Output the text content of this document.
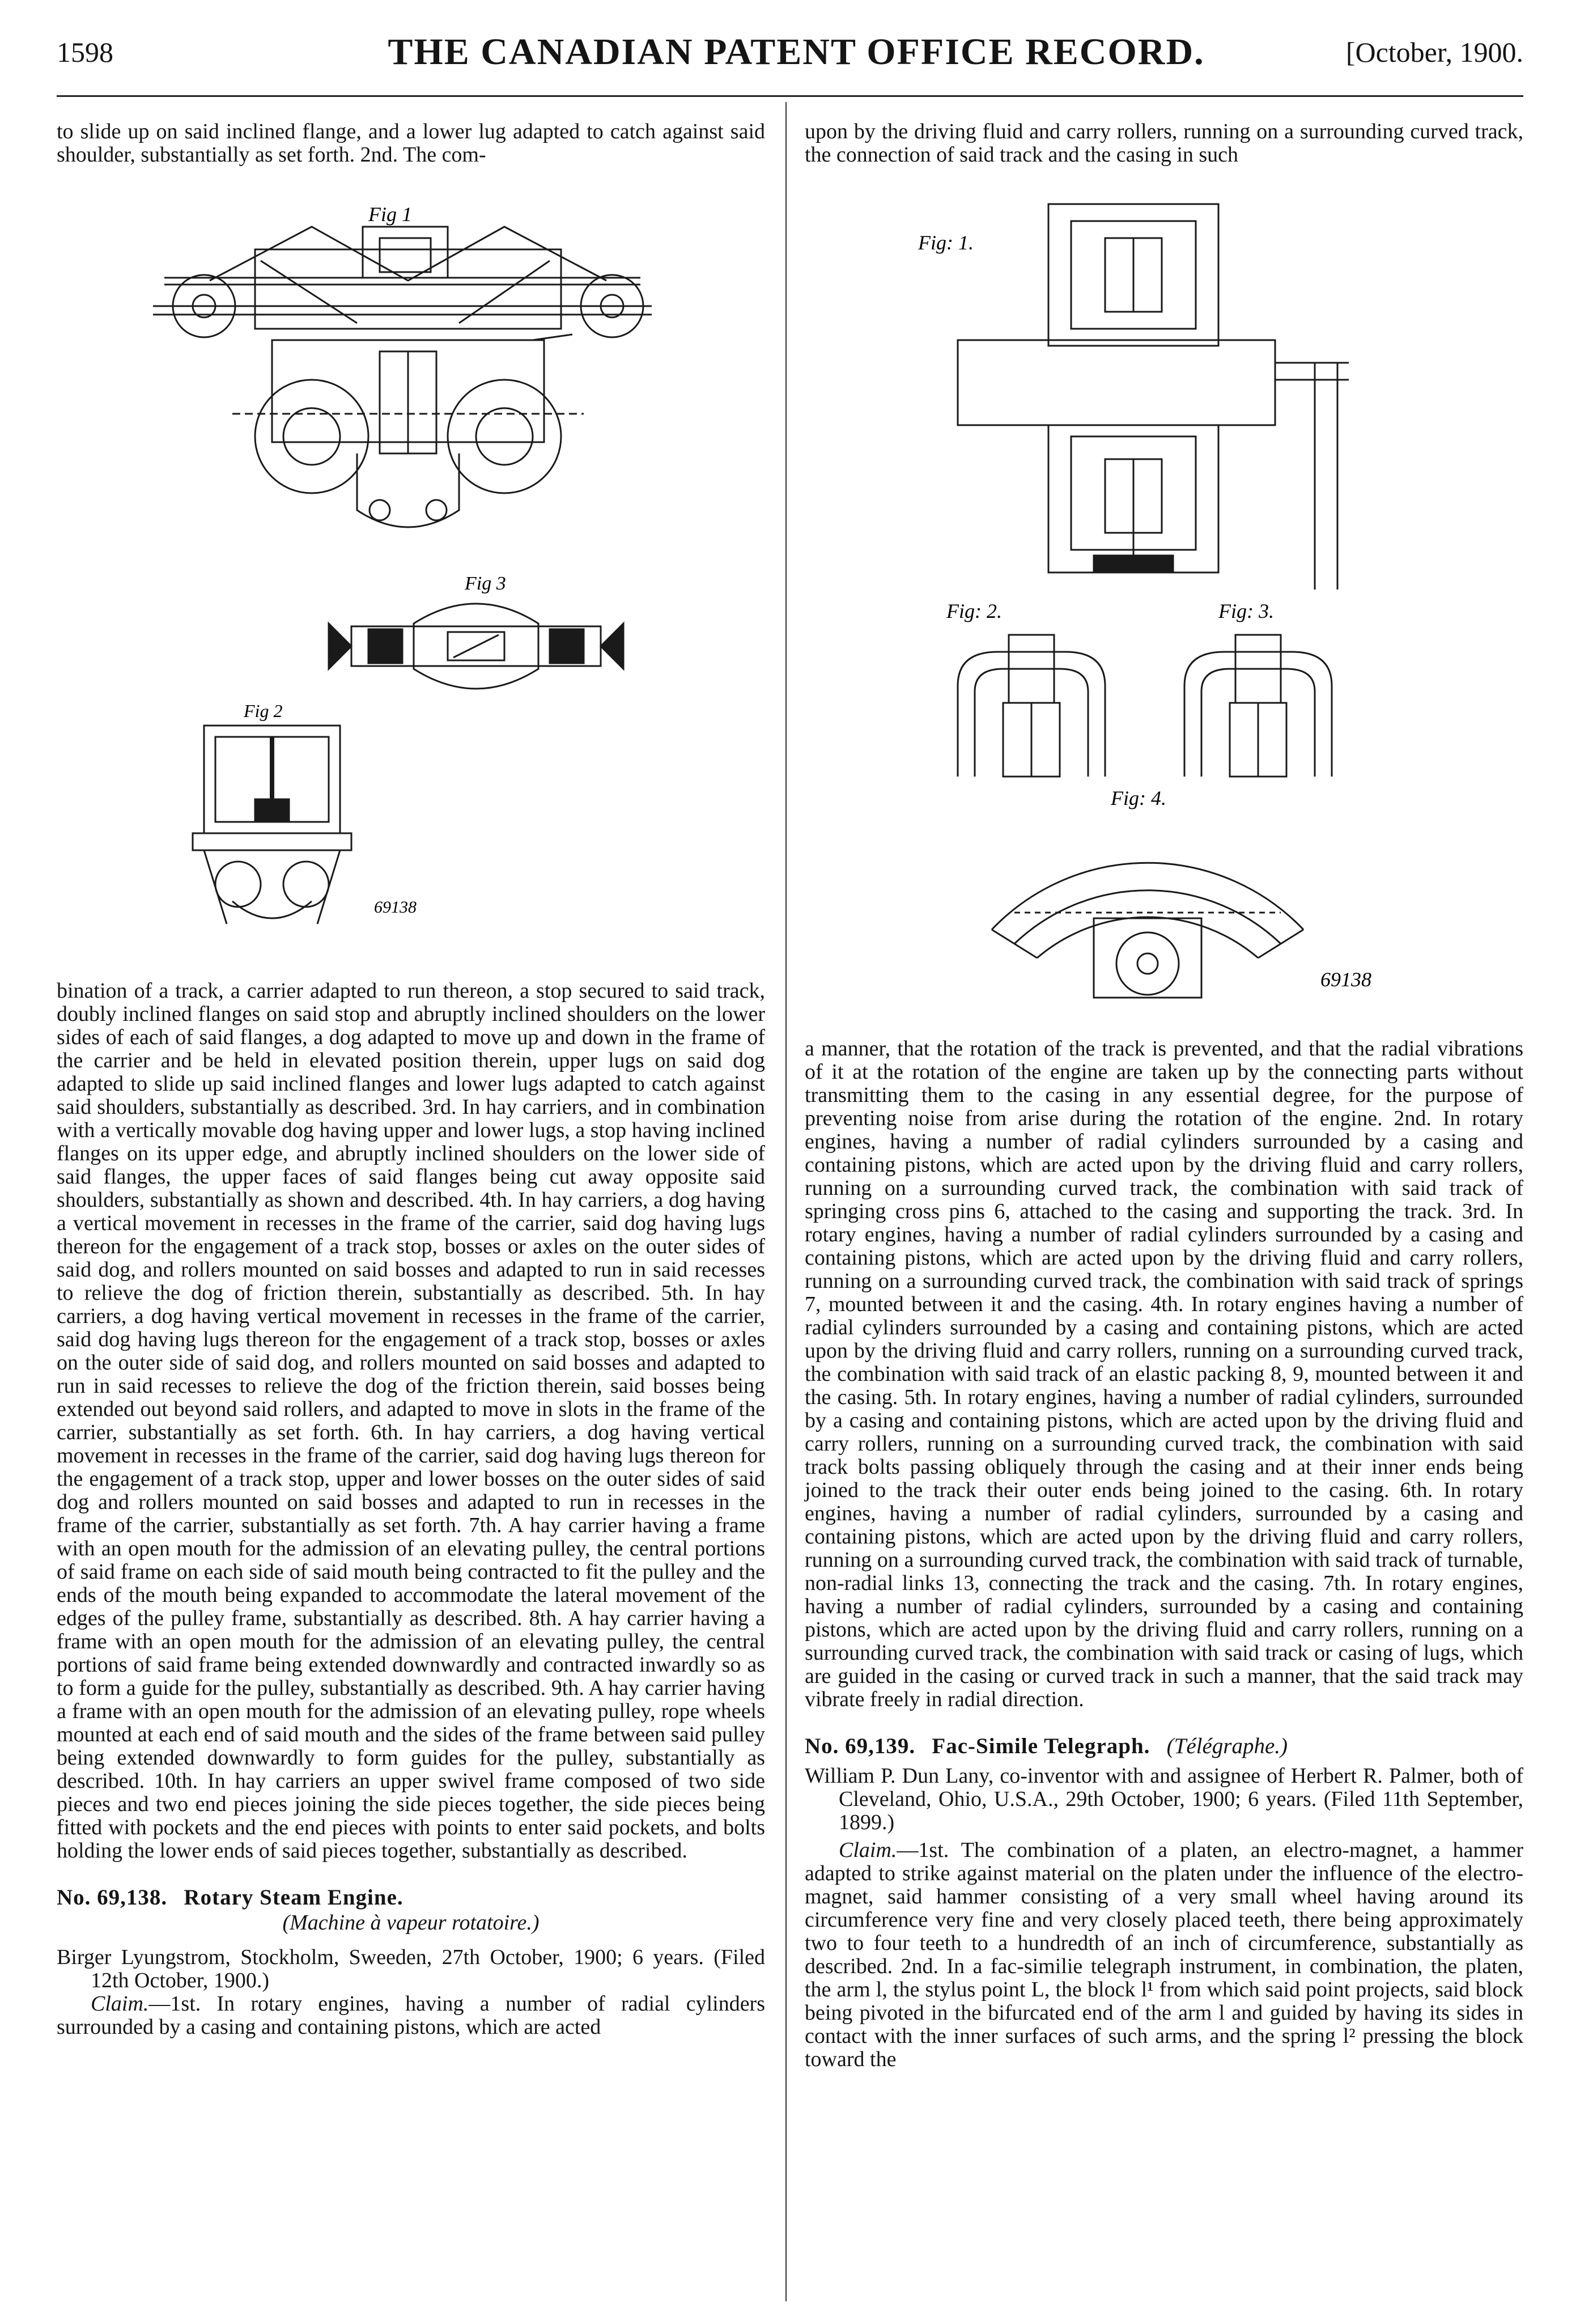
1598	THE CANADIAN PATENT OFFICE RECORD.	[October, 1900.

to slide up on said inclined flange, and a lower lug adapted to catch against said shoulder, substantially as set forth. 2nd. The com-

Fig 1
Fig 3
Fig 2
69138

bination of a track, a carrier adapted to run thereon, a stop secured to said track, doubly inclined flanges on said stop and abruptly inclined shoulders on the lower sides of each of said flanges, a dog adapted to move up and down in the frame of the carrier and be held in elevated position therein, upper lugs on said dog adapted to slide up said inclined flanges and lower lugs adapted to catch against said shoulders, substantially as described. 3rd. In hay carriers, and in combination with a vertically movable dog having upper and lower lugs, a stop having inclined flanges on its upper edge, and abruptly inclined shoulders on the lower side of said flanges, the upper faces of said flanges being cut away opposite said shoulders, substantially as shown and described. 4th. In hay carriers, a dog having a vertical movement in recesses in the frame of the carrier, said dog having lugs thereon for the engagement of a track stop, bosses or axles on the outer sides of said dog, and rollers mounted on said bosses and adapted to run in said recesses to relieve the dog of friction therein, substantially as described. 5th. In hay carriers, a dog having vertical movement in recesses in the frame of the carrier, said dog having lugs thereon for the engagement of a track stop, bosses or axles on the outer side of said dog, and rollers mounted on said bosses and adapted to run in said recesses to relieve the dog of the friction therein, said bosses being extended out beyond said rollers, and adapted to move in slots in the frame of the carrier, substantially as set forth. 6th. In hay carriers, a dog having vertical movement in recesses in the frame of the carrier, said dog having lugs thereon for the engagement of a track stop, upper and lower bosses on the outer sides of said dog and rollers mounted on said bosses and adapted to run in recesses in the frame of the carrier, substantially as set forth. 7th. A hay carrier having a frame with an open mouth for the admission of an elevating pulley, the central portions of said frame on each side of said mouth being contracted to fit the pulley and the ends of the mouth being expanded to accommodate the lateral movement of the edges of the pulley frame, substantially as described. 8th. A hay carrier having a frame with an open mouth for the admission of an elevating pulley, the central portions of said frame being extended downwardly and contracted inwardly so as to form a guide for the pulley, substantially as described. 9th. A hay carrier having a frame with an open mouth for the admission of an elevating pulley, rope wheels mounted at each end of said mouth and the sides of the frame between said pulley being extended downwardly to form guides for the pulley, substantially as described. 10th. In hay carriers an upper swivel frame composed of two side pieces and two end pieces joining the side pieces together, the side pieces being fitted with pockets and the end pieces with points to enter said pockets, and bolts holding the lower ends of said pieces together, substantially as described.

No. 69,138. Rotary Steam Engine.

(Machine à vapeur rotatoire.)

Birger Lyungstrom, Stockholm, Sweeden, 27th October, 1900; 6 years. (Filed 12th October, 1900.)

Claim.—1st. In rotary engines, having a number of radial cylinders surrounded by a casing and containing pistons, which are acted

upon by the driving fluid and carry rollers, running on a surrounding curved track, the connection of said track and the casing in such

Fig: 1.
Fig: 2.	Fig: 3.
Fig: 4.
69138

a manner, that the rotation of the track is prevented, and that the radial vibrations of it at the rotation of the engine are taken up by the connecting parts without transmitting them to the casing in any essential degree, for the purpose of preventing noise from arise during the rotation of the engine. 2nd. In rotary engines, having a number of radial cylinders surrounded by a casing and containing pistons, which are acted upon by the driving fluid and carry rollers, running on a surrounding curved track, the combination with said track of springing cross pins 6, attached to the casing and supporting the track. 3rd. In rotary engines, having a number of radial cylinders surrounded by a casing and containing pistons, which are acted upon by the driving fluid and carry rollers, running on a surrounding curved track, the combination with said track of springs 7, mounted between it and the casing. 4th. In rotary engines having a number of radial cylinders surrounded by a casing and containing pistons, which are acted upon by the driving fluid and carry rollers, running on a surrounding curved track, the combination with said track of an elastic packing 8, 9, mounted between it and the casing. 5th. In rotary engines, having a number of radial cylinders, surrounded by a casing and containing pistons, which are acted upon by the driving fluid and carry rollers, running on a surrounding curved track, the combination with said track bolts passing obliquely through the casing and at their inner ends being joined to the track their outer ends being joined to the casing. 6th. In rotary engines, having a number of radial cylinders, surrounded by a casing and containing pistons, which are acted upon by the driving fluid and carry rollers, running on a surrounding curved track, the combination with said track of turnable, non-radial links 13, connecting the track and the casing. 7th. In rotary engines, having a number of radial cylinders, surrounded by a casing and containing pistons, which are acted upon by the driving fluid and carry rollers, running on a surrounding curved track, the combination with said track or casing of lugs, which are guided in the casing or curved track in such a manner, that the said track may vibrate freely in radial direction.

No. 69,139. Fac-Simile Telegraph. (Télégraphe.)

William P. Dun Lany, co-inventor with and assignee of Herbert R. Palmer, both of Cleveland, Ohio, U.S.A., 29th October, 1900; 6 years. (Filed 11th September, 1899.)

Claim.—1st. The combination of a platen, an electro-magnet, a hammer adapted to strike against material on the platen under the influence of the electro-magnet, said hammer consisting of a very small wheel having around its circumference very fine and very closely placed teeth, there being approximately two to four teeth to a hundredth of an inch of circumference, substantially as described. 2nd. In a fac-similie telegraph instrument, in combination, the platen, the arm l, the stylus point L, the block l¹ from which said point projects, said block being pivoted in the bifurcated end of the arm l and guided by having its sides in contact with the inner surfaces of such arms, and the spring l² pressing the block toward the
